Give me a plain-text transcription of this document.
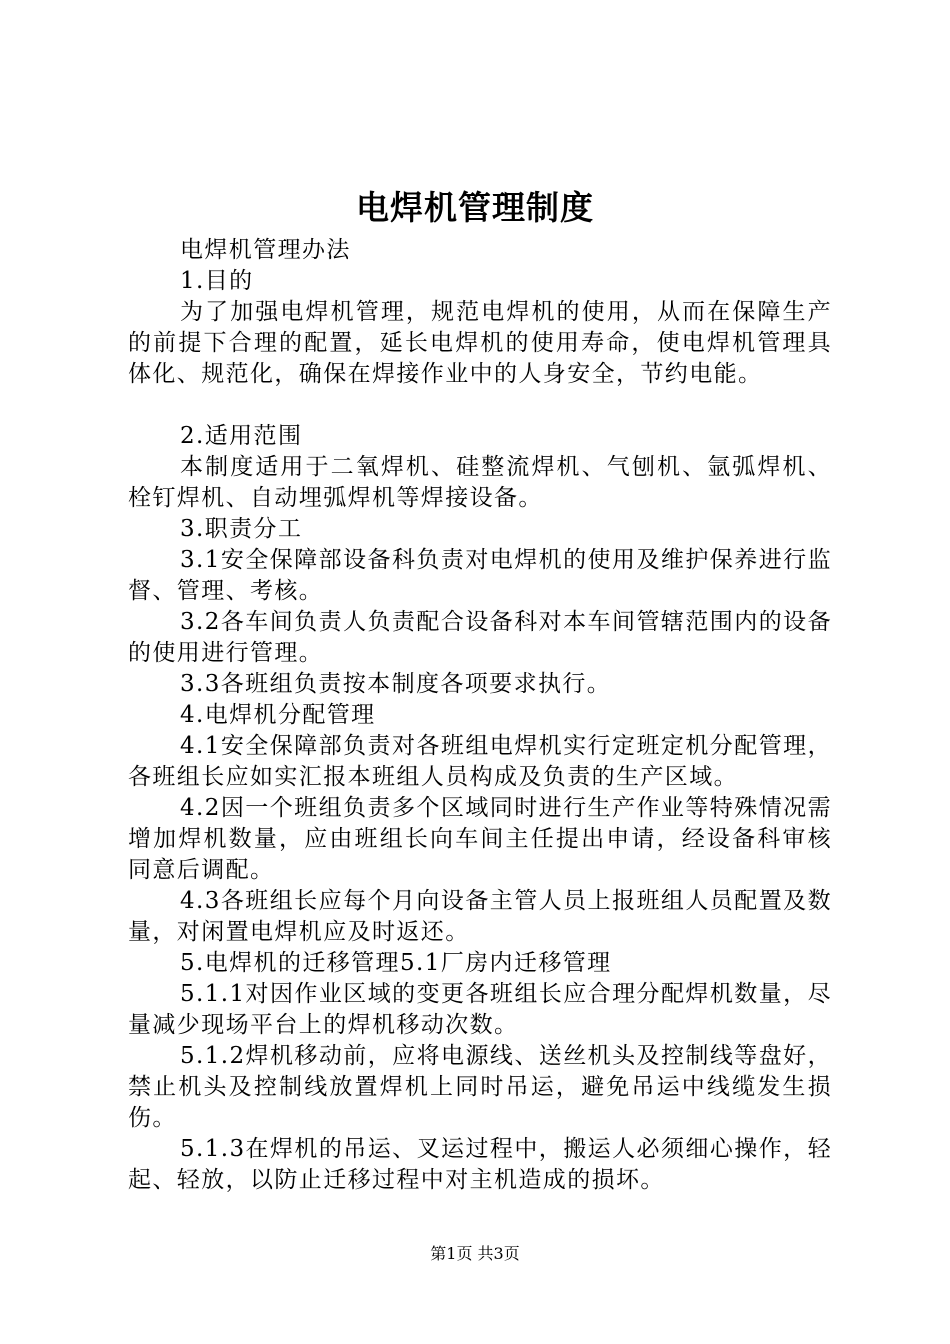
电焊机管理制度

电焊机管理办法

1.目的

为了加强电焊机管理，规范电焊机的使用，从而在保障生产的前提下合理的配置，延长电焊机的使用寿命，使电焊机管理具体化、规范化，确保在焊接作业中的人身安全，节约电能。

2.适用范围

本制度适用于二氧焊机、硅整流焊机、气刨机、氩弧焊机、栓钉焊机、自动埋弧焊机等焊接设备。

3.职责分工

3.1安全保障部设备科负责对电焊机的使用及维护保养进行监督、管理、考核。

3.2各车间负责人负责配合设备科对本车间管辖范围内的设备的使用进行管理。

3.3各班组负责按本制度各项要求执行。

4.电焊机分配管理

4.1安全保障部负责对各班组电焊机实行定班定机分配管理，各班组长应如实汇报本班组人员构成及负责的生产区域。

4.2因一个班组负责多个区域同时进行生产作业等特殊情况需增加焊机数量，应由班组长向车间主任提出申请，经设备科审核同意后调配。

4.3各班组长应每个月向设备主管人员上报班组人员配置及数量，对闲置电焊机应及时返还。

5.电焊机的迁移管理5.1厂房内迁移管理

5.1.1对因作业区域的变更各班组长应合理分配焊机数量，尽量减少现场平台上的焊机移动次数。

5.1.2焊机移动前，应将电源线、送丝机头及控制线等盘好，禁止机头及控制线放置焊机上同时吊运，避免吊运中线缆发生损伤。

5.1.3在焊机的吊运、叉运过程中，搬运人必须细心操作，轻起、轻放，以防止迁移过程中对主机造成的损坏。

第1页 共3页
